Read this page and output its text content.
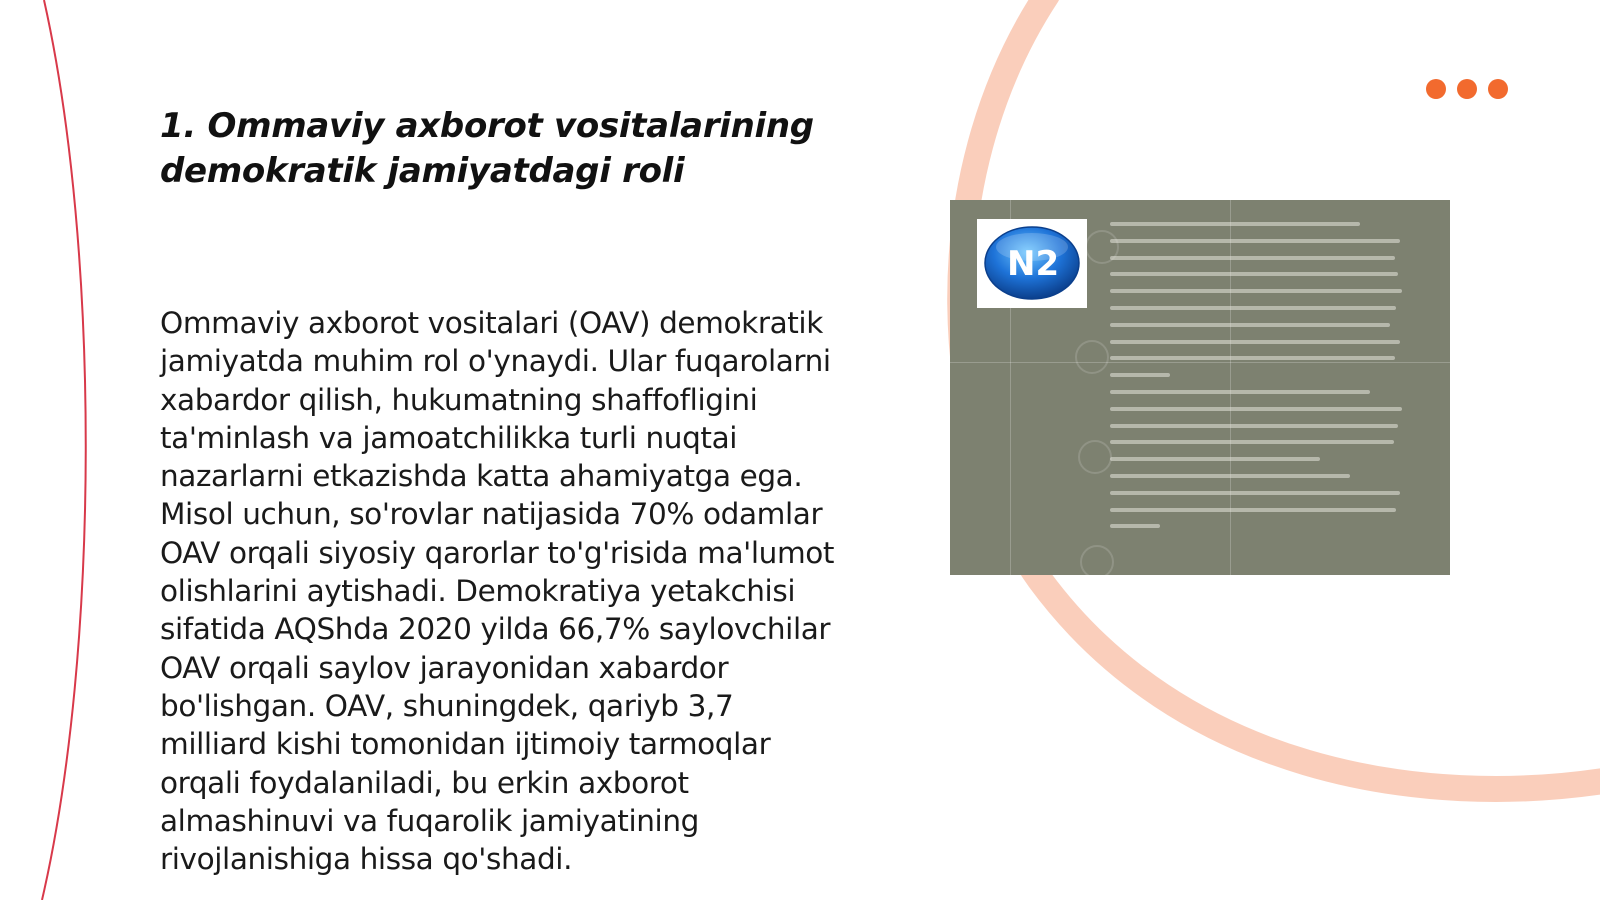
1. Ommaviy axborot vositalarining
demokratik jamiyatdagi roli

Ommaviy axborot vositalari (OAV) demokratik jamiyatda muhim rol o'ynaydi. Ular fuqarolarni xabardor qilish, hukumatning shaffofligini ta'minlash va jamoatchilikka turli nuqtai nazarlarni etkazishda katta ahamiyatga ega. Misol uchun, so'rovlar natijasida 70% odamlar OAV orqali siyosiy qarorlar to'g'risida ma'lumot olishlarini aytishadi. Demokratiya yetakchisi sifatida AQShda 2020 yilda 66,7% saylovchilar OAV orqali saylov jarayonidan xabardor bo'lishgan. OAV, shuningdek, qariyb 3,7 milliard kishi tomonidan ijtimoiy tarmoqlar orqali foydalaniladi, bu erkin axborot almashinuvi va fuqarolik jamiyatining rivojlanishiga hissa qo'shadi.

N2
